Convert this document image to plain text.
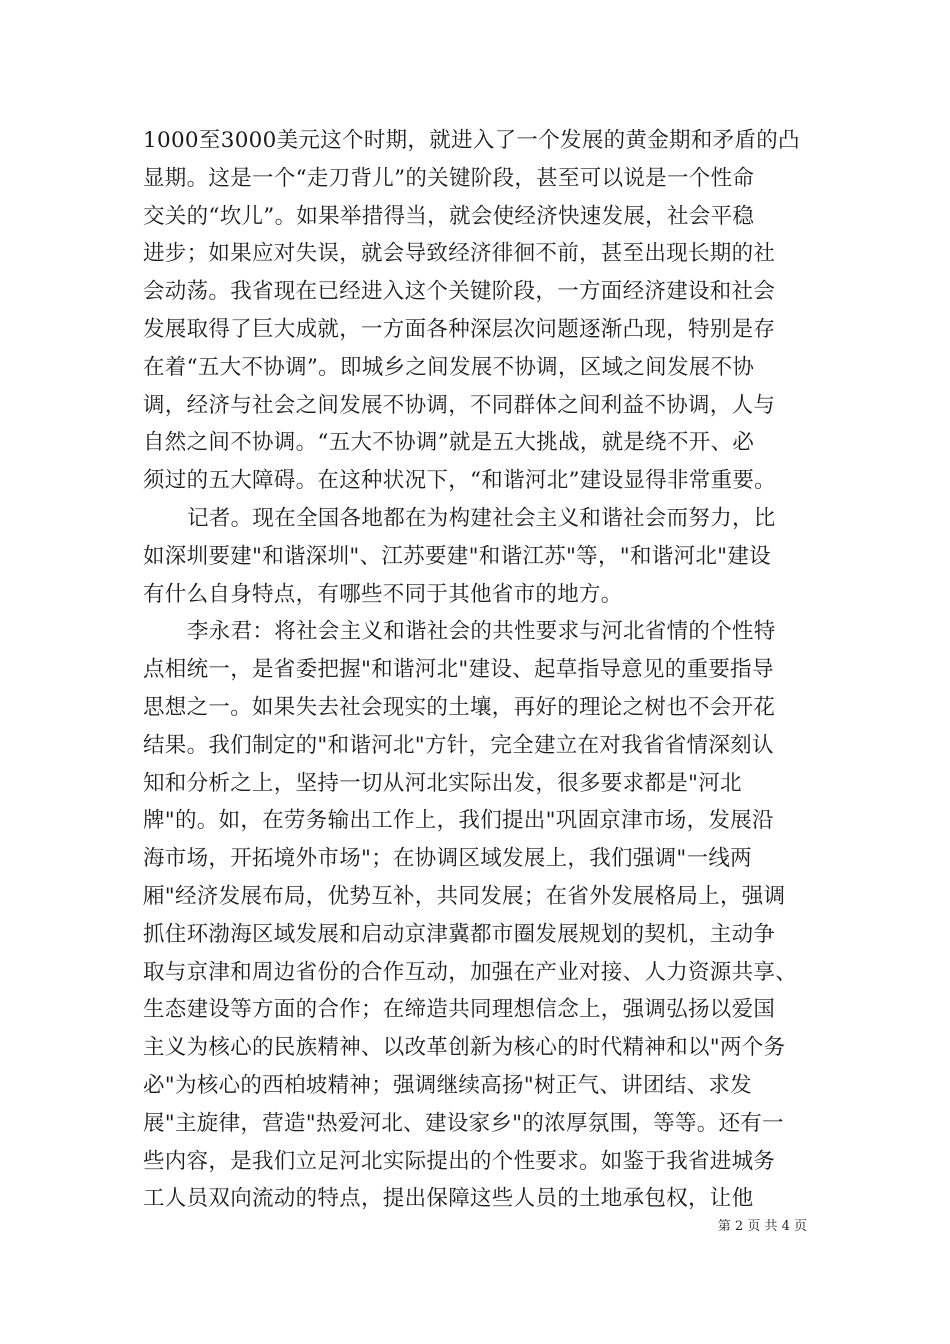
1000至3000美元这个时期，就进入了一个发展的黄金期和矛盾的凸
显期。这是一个“走刀背儿”的关键阶段，甚至可以说是一个性命
交关的“坎儿”。如果举措得当，就会使经济快速发展，社会平稳
进步；如果应对失误，就会导致经济徘徊不前，甚至出现长期的社
会动荡。我省现在已经进入这个关键阶段，一方面经济建设和社会
发展取得了巨大成就，一方面各种深层次问题逐渐凸现，特别是存
在着“五大不协调”。即城乡之间发展不协调，区域之间发展不协
调，经济与社会之间发展不协调，不同群体之间利益不协调，人与
自然之间不协调。“五大不协调”就是五大挑战，就是绕不开、必
须过的五大障碍。在这种状况下，“和谐河北”建设显得非常重要。
记者。现在全国各地都在为构建社会主义和谐社会而努力，比
如深圳要建"和谐深圳"、江苏要建"和谐江苏"等，"和谐河北"建设
有什么自身特点，有哪些不同于其他省市的地方。
李永君：将社会主义和谐社会的共性要求与河北省情的个性特
点相统一，是省委把握"和谐河北"建设、起草指导意见的重要指导
思想之一。如果失去社会现实的土壤，再好的理论之树也不会开花
结果。我们制定的"和谐河北"方针，完全建立在对我省省情深刻认
知和分析之上，坚持一切从河北实际出发，很多要求都是"河北
牌"的。如，在劳务输出工作上，我们提出"巩固京津市场，发展沿
海市场，开拓境外市场"；在协调区域发展上，我们强调"一线两
厢"经济发展布局，优势互补，共同发展；在省外发展格局上，强调
抓住环渤海区域发展和启动京津冀都市圈发展规划的契机，主动争
取与京津和周边省份的合作互动，加强在产业对接、人力资源共享、
生态建设等方面的合作；在缔造共同理想信念上，强调弘扬以爱国
主义为核心的民族精神、以改革创新为核心的时代精神和以"两个务
必"为核心的西柏坡精神；强调继续高扬"树正气、讲团结、求发
展"主旋律，营造"热爱河北、建设家乡"的浓厚氛围，等等。还有一
些内容，是我们立足河北实际提出的个性要求。如鉴于我省进城务
工人员双向流动的特点，提出保障这些人员的土地承包权，让他
第 2 页 共 4 页
